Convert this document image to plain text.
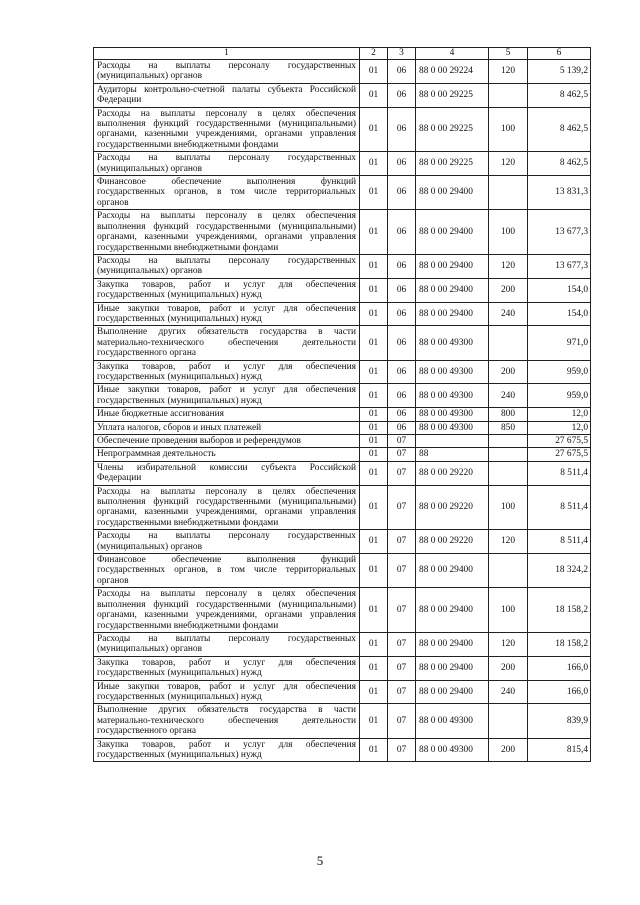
1	2	3	4	5	6
Расходы на выплаты персоналу государственных (муниципальных) органов	01	06	88 0 00 29224	120	5 139,2
Аудиторы контрольно-счетной палаты субъекта Российской Федерации	01	06	88 0 00 29225		8 462,5
Расходы на выплаты персоналу в целях обеспечения выполнения функций государственными (муниципальными) органами, казенными учреждениями, органами управления государственными внебюджетными фондами	01	06	88 0 00 29225	100	8 462,5
Расходы на выплаты персоналу государственных (муниципальных) органов	01	06	88 0 00 29225	120	8 462,5
Финансовое обеспечение выполнения функций государственных органов, в том числе территориальных органов	01	06	88 0 00 29400		13 831,3
Расходы на выплаты персоналу в целях обеспечения выполнения функций государственными (муниципальными) органами, казенными учреждениями, органами управления государственными внебюджетными фондами	01	06	88 0 00 29400	100	13 677,3
Расходы на выплаты персоналу государственных (муниципальных) органов	01	06	88 0 00 29400	120	13 677,3
Закупка товаров, работ и услуг для обеспечения государственных (муниципальных) нужд	01	06	88 0 00 29400	200	154,0
Иные закупки товаров, работ и услуг для обеспечения государственных (муниципальных) нужд	01	06	88 0 00 29400	240	154,0
Выполнение других обязательств государства в части материально-технического обеспечения деятельности государственного органа	01	06	88 0 00 49300		971,0
Закупка товаров, работ и услуг для обеспечения государственных (муниципальных) нужд	01	06	88 0 00 49300	200	959,0
Иные закупки товаров, работ и услуг для обеспечения государственных (муниципальных) нужд	01	06	88 0 00 49300	240	959,0
Иные бюджетные ассигнования	01	06	88 0 00 49300	800	12,0
Уплата налогов, сборов и иных платежей	01	06	88 0 00 49300	850	12,0
Обеспечение проведения выборов и референдумов	01	07			27 675,5
Непрограммная деятельность	01	07	88		27 675,5
Члены избирательной комиссии субъекта Российской Федерации	01	07	88 0 00 29220		8 511,4
Расходы на выплаты персоналу в целях обеспечения выполнения функций государственными (муниципальными) органами, казенными учреждениями, органами управления государственными внебюджетными фондами	01	07	88 0 00 29220	100	8 511,4
Расходы на выплаты персоналу государственных (муниципальных) органов	01	07	88 0 00 29220	120	8 511,4
Финансовое обеспечение выполнения функций государственных органов, в том числе территориальных органов	01	07	88 0 00 29400		18 324,2
Расходы на выплаты персоналу в целях обеспечения выполнения функций государственными (муниципальными) органами, казенными учреждениями, органами управления государственными внебюджетными фондами	01	07	88 0 00 29400	100	18 158,2
Расходы на выплаты персоналу государственных (муниципальных) органов	01	07	88 0 00 29400	120	18 158,2
Закупка товаров, работ и услуг для обеспечения государственных (муниципальных) нужд	01	07	88 0 00 29400	200	166,0
Иные закупки товаров, работ и услуг для обеспечения государственных (муниципальных) нужд	01	07	88 0 00 29400	240	166,0
Выполнение других обязательств государства в части материально-технического обеспечения деятельности государственного органа	01	07	88 0 00 49300		839,9
Закупка товаров, работ и услуг для обеспечения государственных (муниципальных) нужд	01	07	88 0 00 49300	200	815,4
5
